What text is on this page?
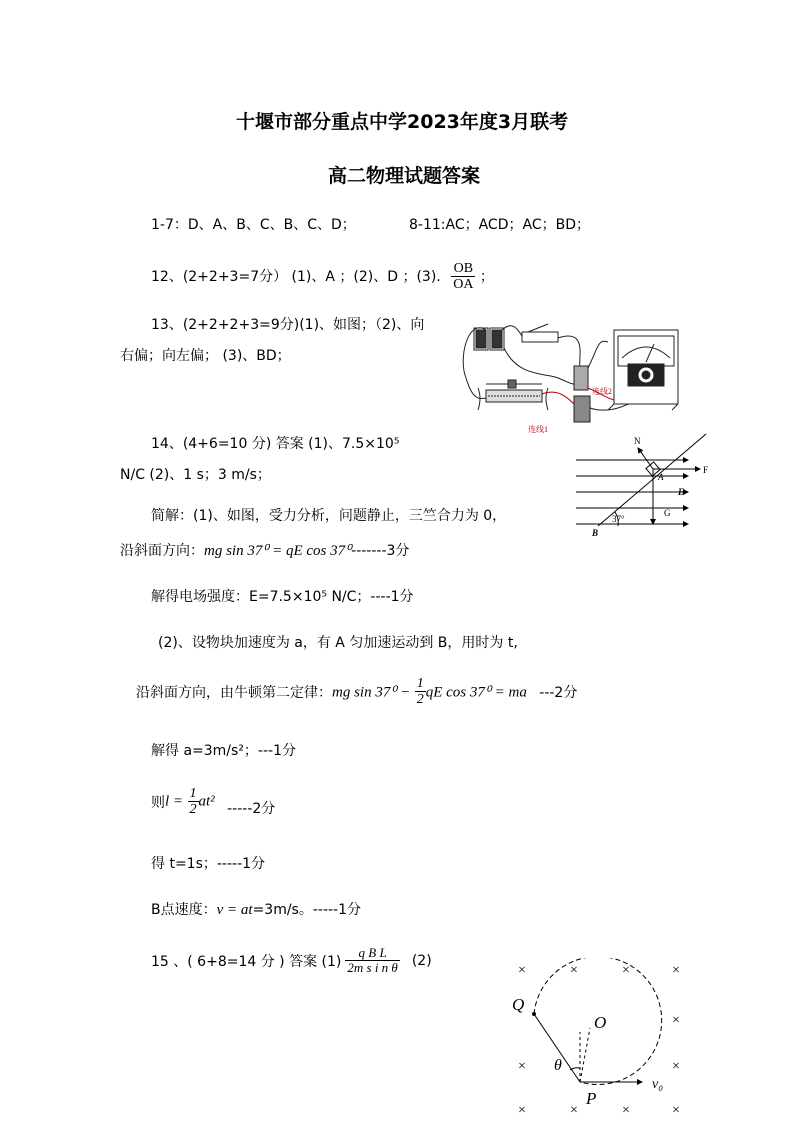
十堰市部分重点中学2023年度3月联考
高二物理试题答案
1-7：D、A、B、C、B、C、D；	8-11:AC；ACD；AC；BD；
12、(2+2+3=7分） (1)、A ；(2)、D ；(3). $\frac{OB}{OA}$ ；
13、(2+2+2+3=9分)(1)、如图；（2)、向
右偏；向左偏； (3)、BD；
连线2
连线1
14、(4+6=10 分) 答案 (1)、7.5×10⁵
N/C (2)、1 s；3 m/s；
简解：(1)、如图，受力分析，问题静止，三竺合力为 0，
沿斜面方向：mg sin 37⁰ = qE cos 37⁰-------3分
N
F
E
G
A
B
37°
解得电场强度：E=7.5×10⁵ N/C；----1分
(2)、设物块加速度为 a，有 A 匀加速运动到 B，用时为 t,
沿斜面方向，由牛顿第二定律：mg $\sin 37^0 - \frac{1}{2}$ qE cos 37⁰ = ma ---2分
解得 a=3m/s²；---1分
则$l = \frac{1}{2} at^2$ -----2分
得 t=1s；-----1分
B点速度：v = at=3m/s。-----1分
15 、( 6+8=14 分 ) 答案 $(1) \frac{\text{q B L}}{\text{2m s i n θ}} (2)$
×	×	×	×
×
×
×
×	×	×	×
Q
O
P
θ
v₀
